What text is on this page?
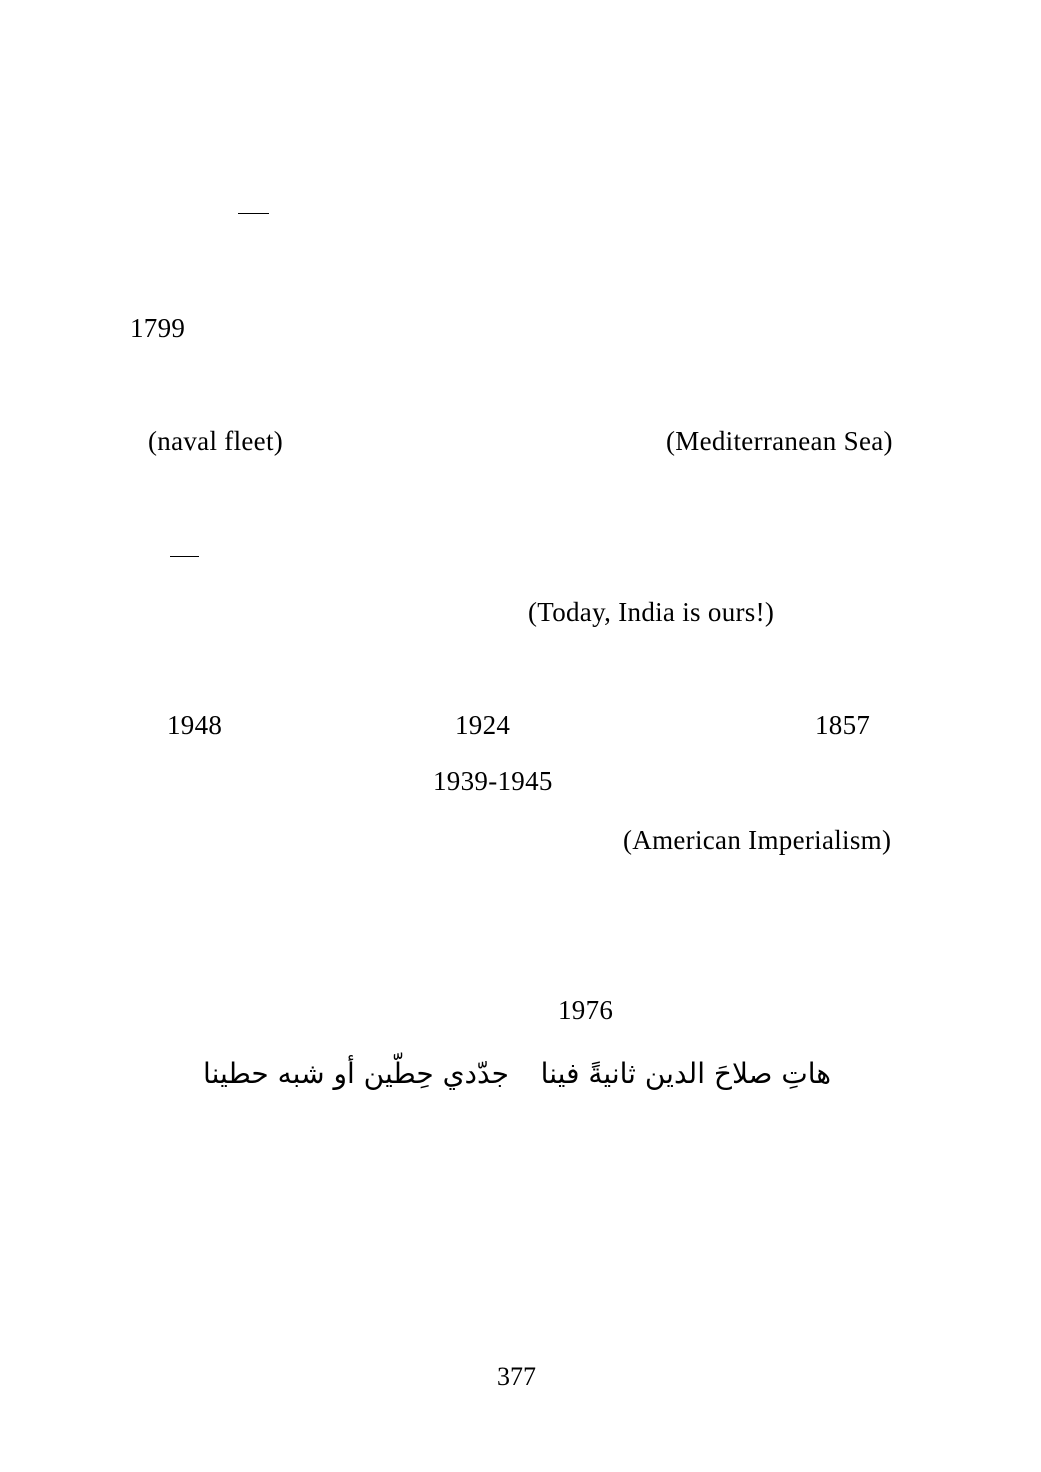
1799
(naval fleet)	(Mediterranean Sea)
(Today, India is ours!)
1948	1924	1857
1939-1945
(American Imperialism)
1976
هاتِ صلاحَ الدين ثانيةً فينا
جدّدي حِطّين أو شبه حطينا
377
